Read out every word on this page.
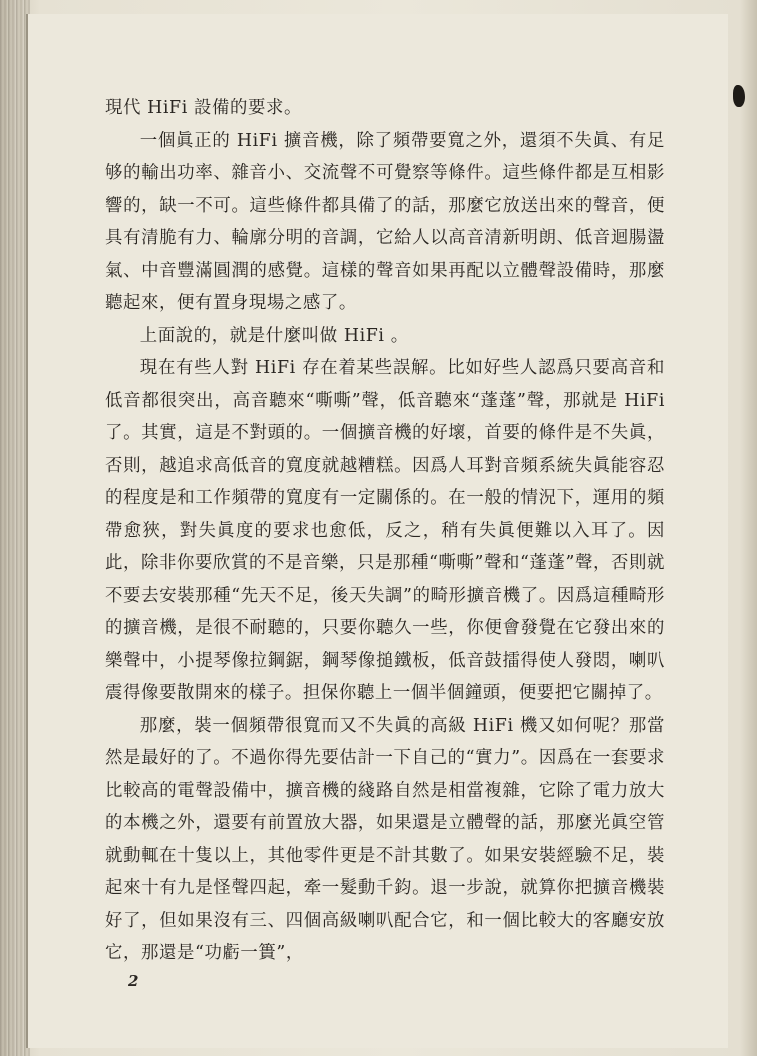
現代 HiFi 設備的要求。

一個眞正的 HiFi 擴音機，除了頻帶要寬之外，還須不失眞、有足够的輸出功率、雜音小、交流聲不可覺察等條件。這些條件都是互相影響的，缺一不可。這些條件都具備了的話，那麼它放送出來的聲音，便具有清脆有力、輪廓分明的音調，它給人以高音清新明朗、低音迴腸盪氣、中音豐滿圓潤的感覺。這樣的聲音如果再配以立體聲設備時，那麼聽起來，便有置身現場之感了。

上面說的，就是什麼叫做 HiFi 。

現在有些人對 HiFi 存在着某些誤解。比如好些人認爲只要高音和低音都很突出，高音聽來“嘶嘶”聲，低音聽來“蓬蓬”聲，那就是 HiFi 了。其實，這是不對頭的。一個擴音機的好壞，首要的條件是不失眞，否則，越追求高低音的寬度就越糟糕。因爲人耳對音頻系統失眞能容忍的程度是和工作頻帶的寬度有一定關係的。在一般的情況下，運用的頻帶愈狹，對失眞度的要求也愈低，反之，稍有失眞便難以入耳了。因此，除非你要欣賞的不是音樂，只是那種“嘶嘶”聲和“蓬蓬”聲，否則就不要去安裝那種“先天不足，後天失調”的畸形擴音機了。因爲這種畸形的擴音機，是很不耐聽的，只要你聽久一些，你便會發覺在它發出來的樂聲中，小提琴像拉鋼鋸，鋼琴像搥鐵板，低音鼓擂得使人發悶，喇叭震得像要散開來的樣子。担保你聽上一個半個鐘頭，便要把它關掉了。

那麼，裝一個頻帶很寬而又不失眞的高級 HiFi 機又如何呢？那當然是最好的了。不過你得先要估計一下自己的“實力”。因爲在一套要求比較高的電聲設備中，擴音機的綫路自然是相當複雜，它除了電力放大的本機之外，還要有前置放大器，如果還是立體聲的話，那麼光眞空管就動輒在十隻以上，其他零件更是不計其數了。如果安裝經驗不足，裝起來十有九是怪聲四起，牽一髮動千鈞。退一步說，就算你把擴音機裝好了，但如果沒有三、四個高級喇叭配合它，和一個比較大的客廳安放它，那還是“功虧一簣”，

2
